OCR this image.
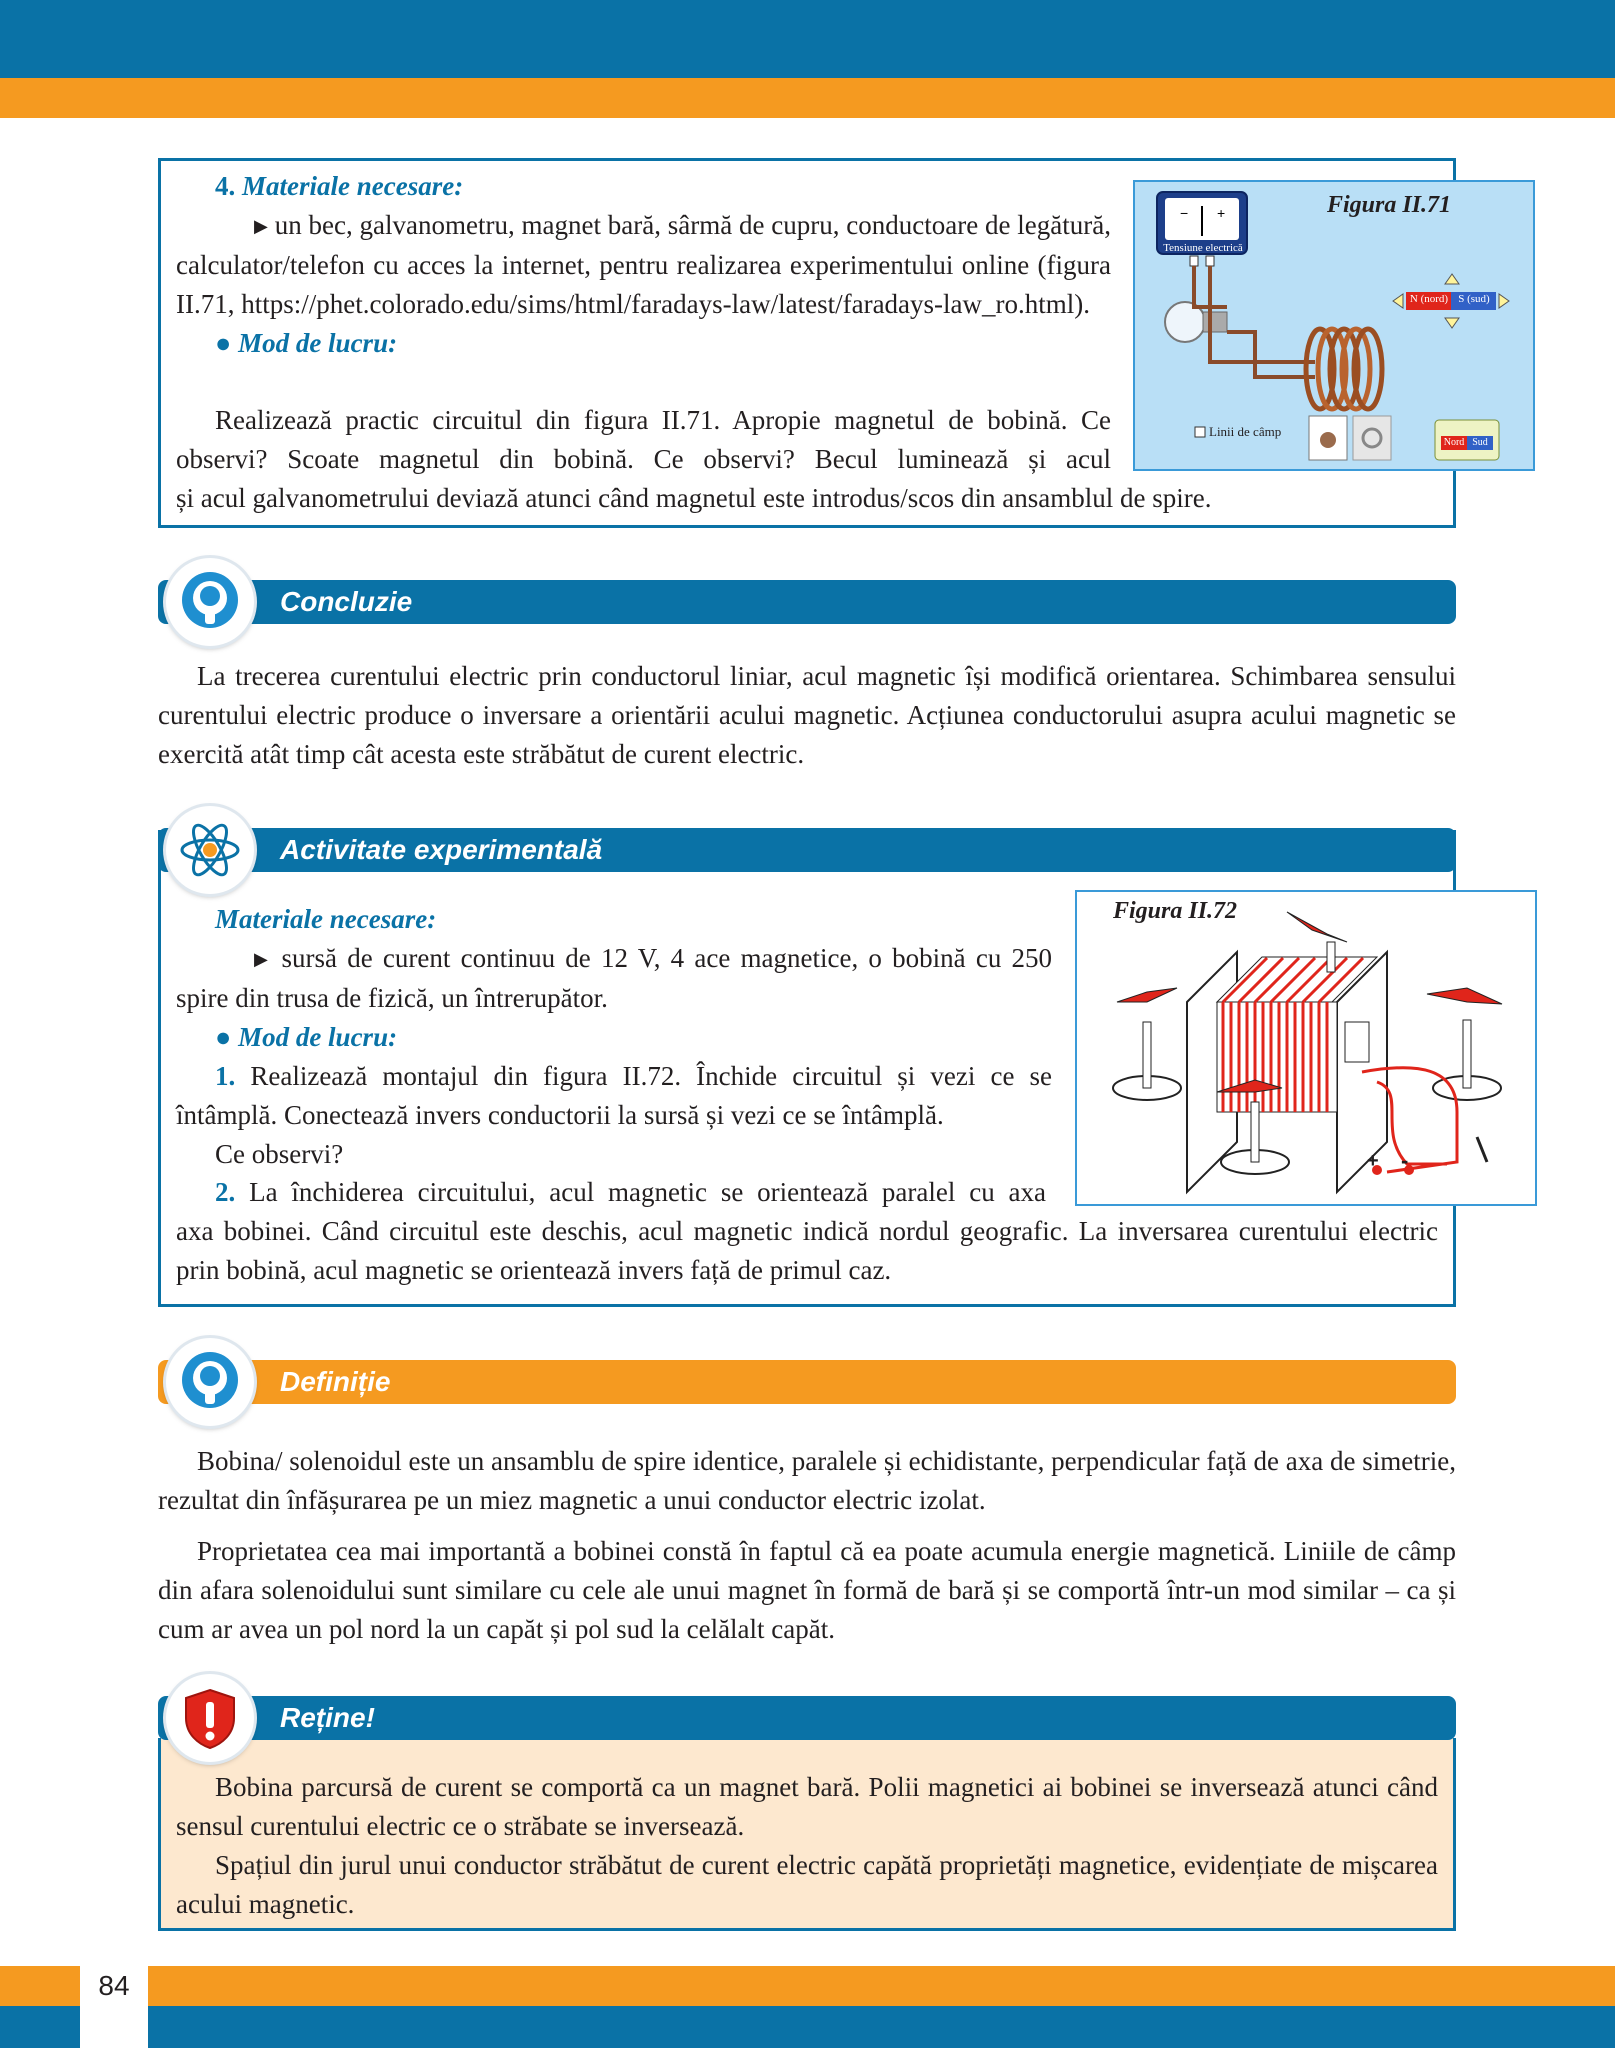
84

4. Materiale necesare:

▶ un bec, galvanometru, magnet bară, sârmă de cupru, conductoare de legătură, calculator/telefon cu acces la internet, pentru realizarea experimentului online (figura II.71, https://phet.colorado.edu/sims/html/faradays-law/latest/faradays-law_ro.html).

● Mod de lucru:

Realizează practic circuitul din figura II.71. Apropie magnetul de bobină. Ce observi? Scoate magnetul din bobină. Ce observi? Becul luminează și acul

și acul galvanometrului deviază atunci când magnetul este introdus/scos din ansamblul de spire.

− +	Figura II.71
Tensiune electrică
N (nord) S (sud)
Linii de câmp
Nord Sud
Concluzie

La trecerea curentului electric prin conductorul liniar, acul magnetic își modifică orientarea. Schimbarea sensului curentului electric produce o inversare a orientării acului magnetic. Acțiunea conductorului asupra acului magnetic se exercită atât timp cât acesta este străbătut de curent electric.

Activitate experimentală

Materiale necesare:

▶ sursă de curent continuu de 12 V, 4 ace magnetice, o bobină cu 250 spire din trusa de fizică, un întrerupător.

● Mod de lucru:

1. Realizează montajul din figura II.72. Închide circuitul și vezi ce se întâmplă. Conectează invers conductorii la sursă și vezi ce se întâmplă.

Ce observi?

2. La închiderea circuitului, acul magnetic se orientează paralel cu axa

axa bobinei. Când circuitul este deschis, acul magnetic indică nordul geografic. La inversarea curentului electric prin bobină, acul magnetic se orientează invers față de primul caz.

Figura II.72
+ -
Definiție

Bobina/ solenoidul este un ansamblu de spire identice, paralele și echidistante, perpendicular față de axa de simetrie, rezultat din înfășurarea pe un miez magnetic a unui conductor electric izolat.

Proprietatea cea mai importantă a bobinei constă în faptul că ea poate acumula energie magnetică. Liniile de câmp din afara solenoidului sunt similare cu cele ale unui magnet în formă de bară și se comportă într-un mod similar – ca și cum ar avea un pol nord la un capăt și pol sud la celălalt capăt.

Reține!

Bobina parcursă de curent se comportă ca un magnet bară. Polii magnetici ai bobinei se inversează atunci când sensul curentului electric ce o străbate se inversează.

Spațiul din jurul unui conductor străbătut de curent electric capătă proprietăți magnetice, evidențiate de mișcarea acului magnetic.
